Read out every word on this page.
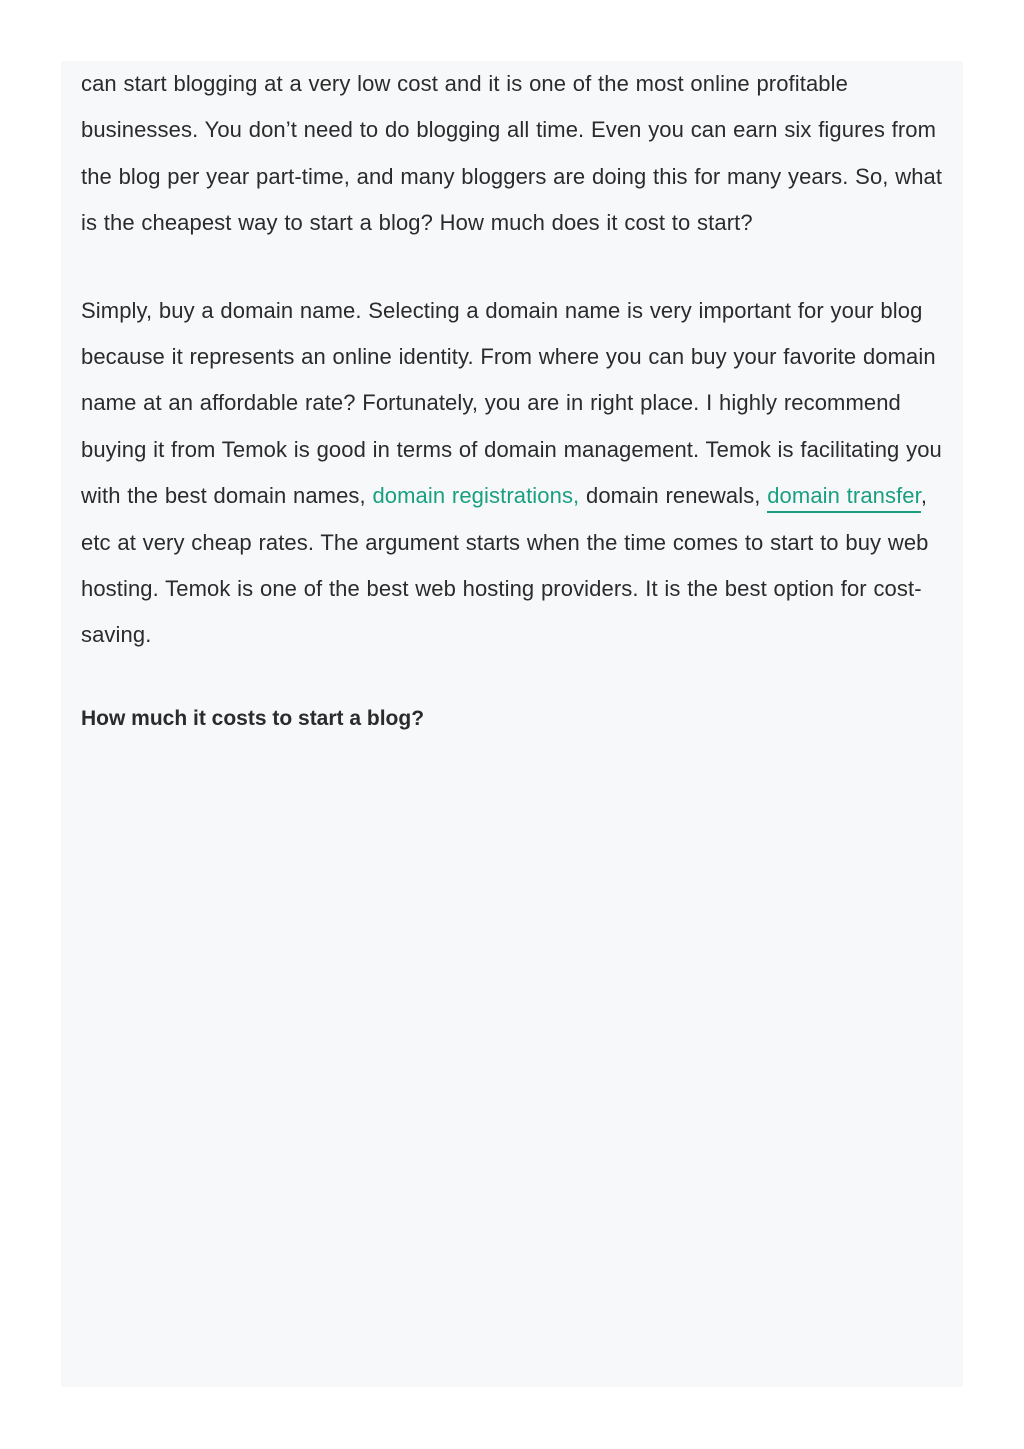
can start blogging at a very low cost and it is one of the most online profitable businesses. You don’t need to do blogging all time. Even you can earn six figures from the blog per year part-time, and many bloggers are doing this for many years. So, what is the cheapest way to start a blog? How much does it cost to start?

Simply, buy a domain name. Selecting a domain name is very important for your blog because it represents an online identity. From where you can buy your favorite domain name at an affordable rate? Fortunately, you are in right place. I highly recommend buying it from Temok is good in terms of domain management. Temok is facilitating you with the best domain names, domain registrations, domain renewals, domain transfer, etc at very cheap rates. The argument starts when the time comes to start to buy web hosting. Temok is one of the best web hosting providers. It is the best option for cost-saving.

How much it costs to start a blog?
